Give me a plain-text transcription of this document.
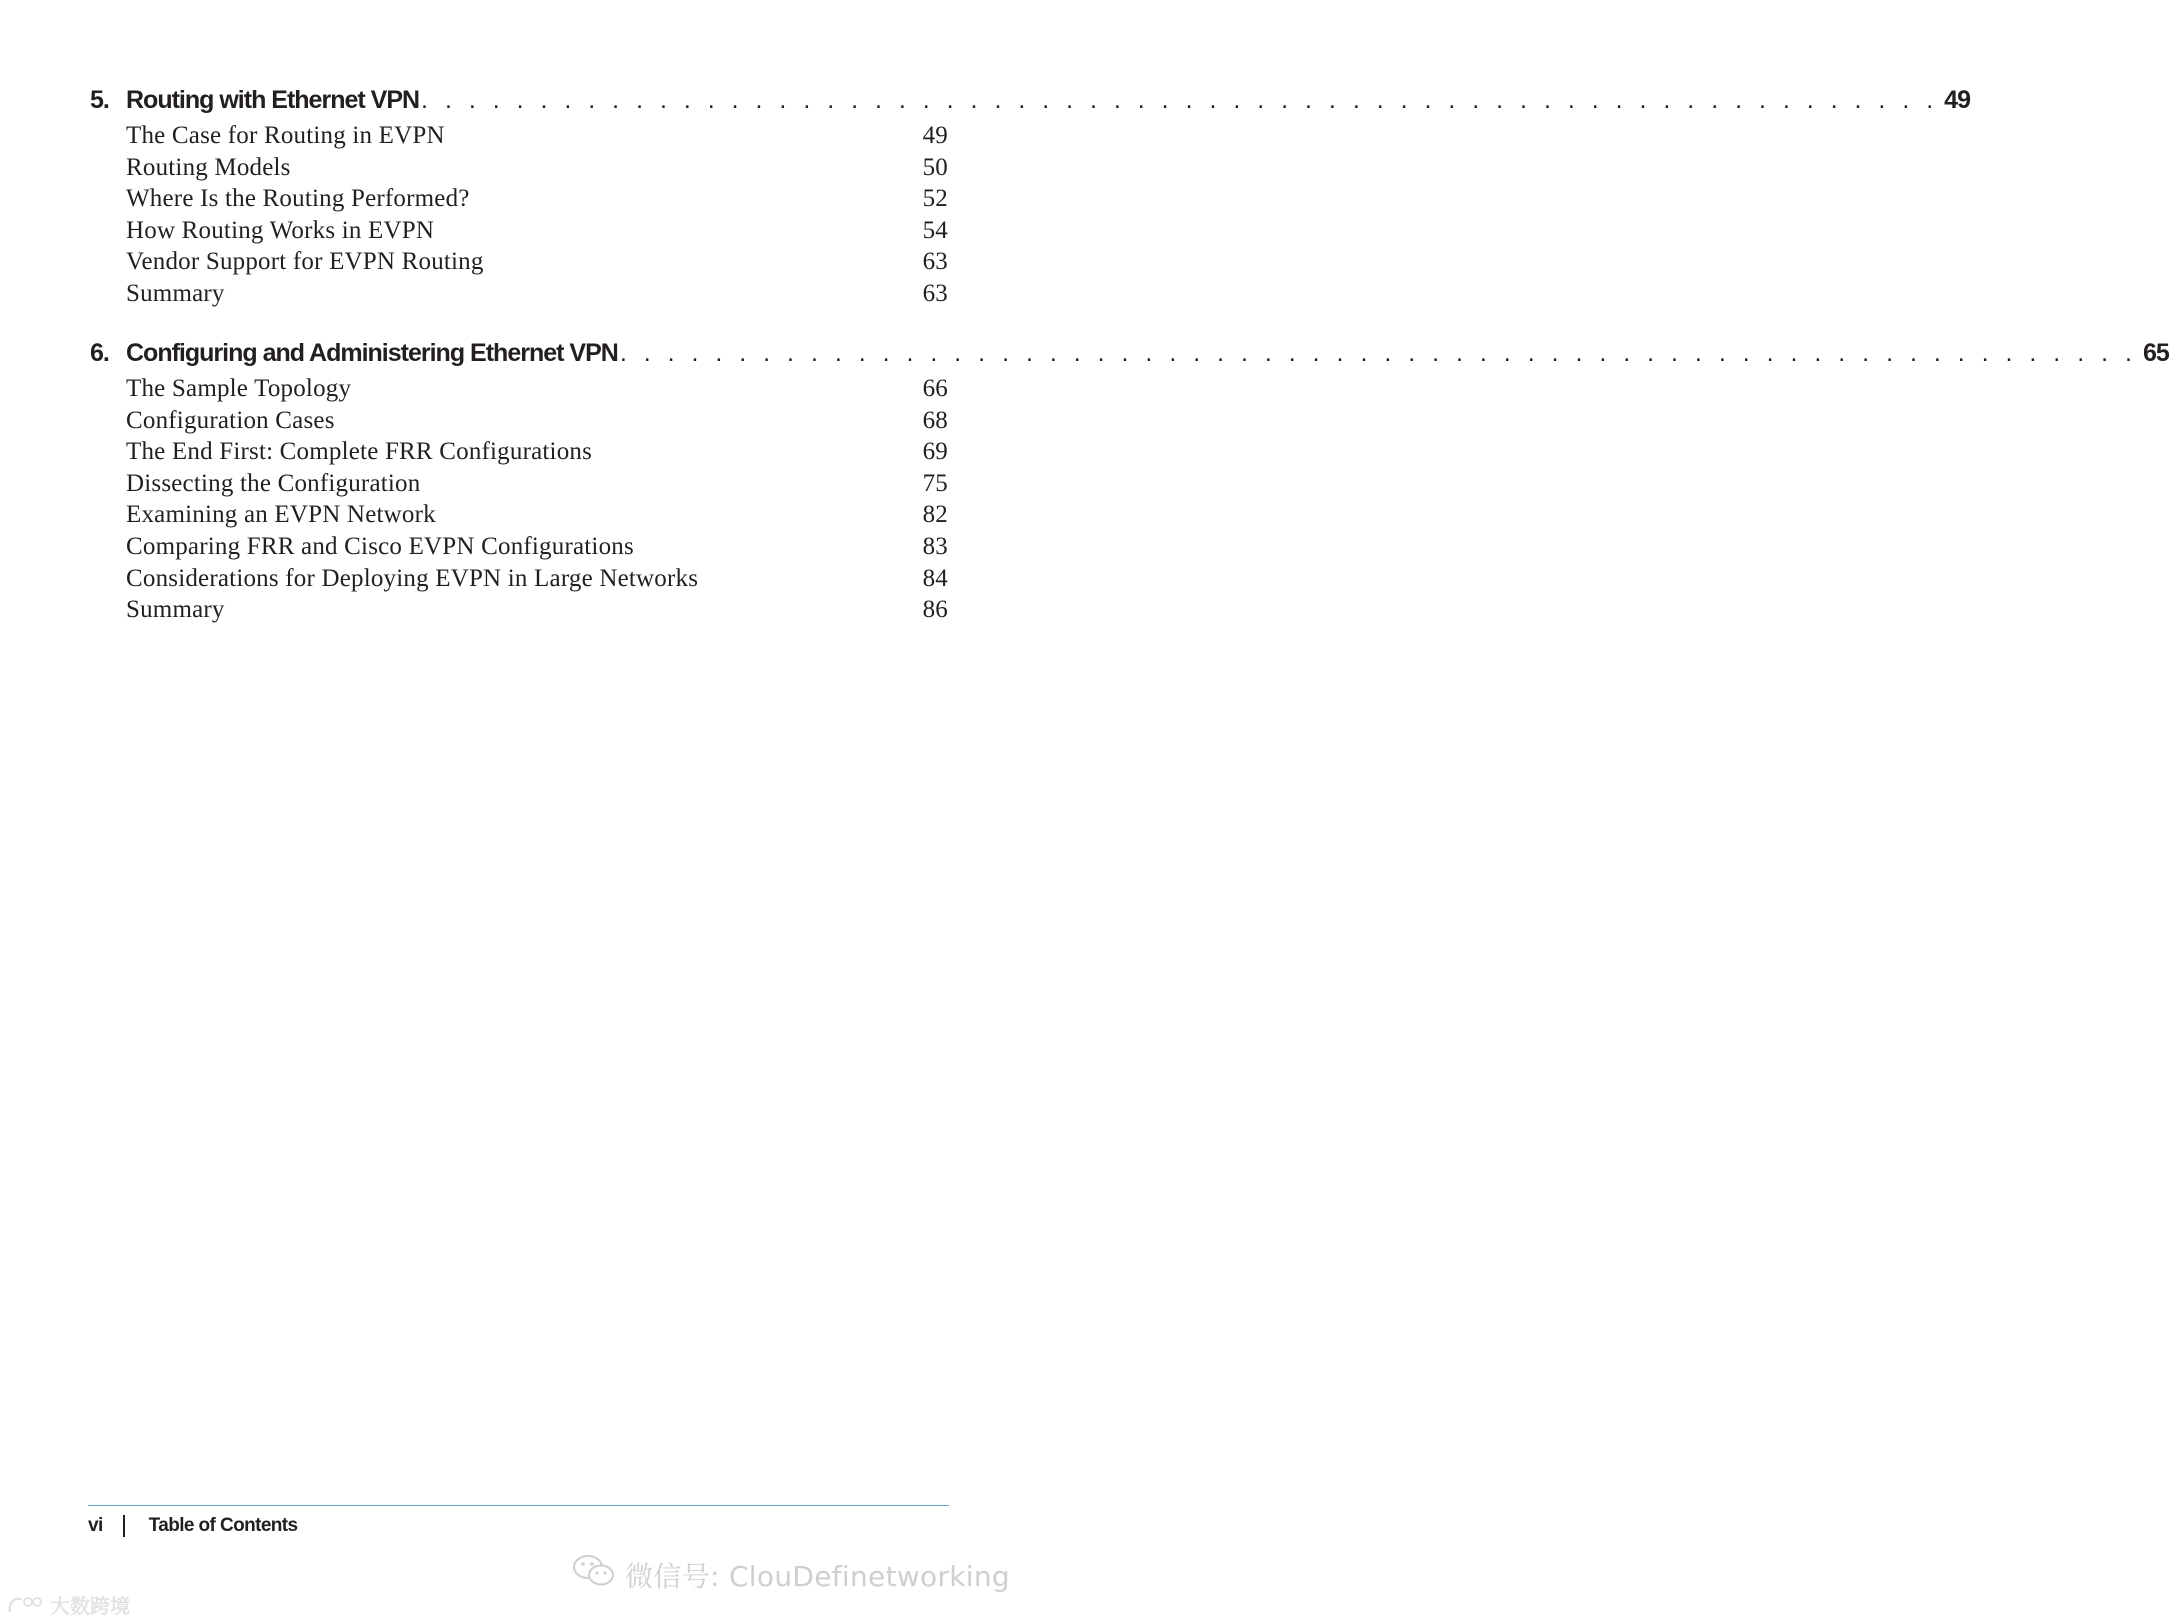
5. Routing with Ethernet VPN . . . . . . . . . . . . . . . . . . . . . . . . . . . . . . . . . . . . . . . . . . . . . . . . . . . . . . . . . . . . . . . . 49
The Case for Routing in EVPN	49
Routing Models	50
Where Is the Routing Performed?	52
How Routing Works in EVPN	54
Vendor Support for EVPN Routing	63
Summary	63
6. Configuring and Administering Ethernet VPN . . . . . . . . . . . . . . . . . . . . . . . . . . . . . . . . . . . . . . . . . . . . . . . . . . . . . . . . . . . . . . . . 65
The Sample Topology	66
Configuration Cases	68
The End First: Complete FRR Configurations	69
Dissecting the Configuration	75
Examining an EVPN Network	82
Comparing FRR and Cisco EVPN Configurations	83
Considerations for Deploying EVPN in Large Networks	84
Summary	86
vi Table of Contents
微信号: ClouDefinetworking
大数跨境
